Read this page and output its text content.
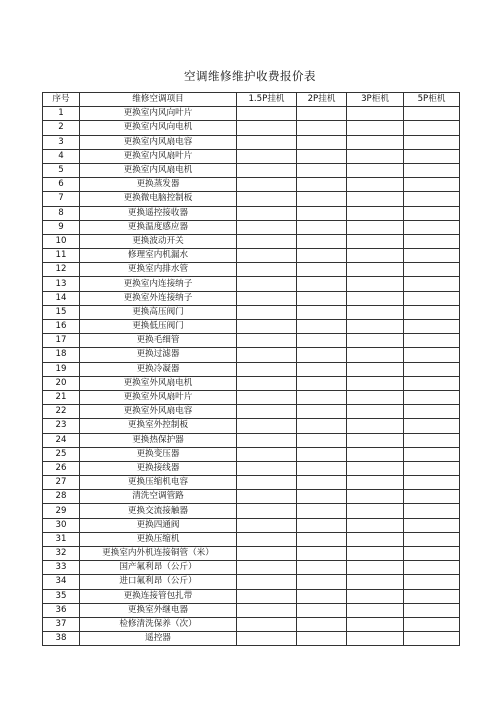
空调维修维护收费报价表
序号	维修空调项目	1.5P挂机	2P挂机	3P柜机	5P柜机
1	更换室内风向叶片				
2	更换室内风向电机				
3	更换室内风扇电容				
4	更换室内风扇叶片				
5	更换室内风扇电机				
6	更换蒸发器				
7	更换微电脑控制板				
8	更换遥控接收器				
9	更换温度感应器				
10	更换波动开关				
11	修理室内机漏水				
12	更换室内排水管				
13	更换室内连接纳子				
14	更换室外连接纳子				
15	更换高压阀门				
16	更换低压阀门				
17	更换毛细管				
18	更换过滤器				
19	更换冷凝器				
20	更换室外风扇电机				
21	更换室外风扇叶片				
22	更换室外风扇电容				
23	更换室外控制板				
24	更换热保护器				
25	更换变压器				
26	更换接线器				
27	更换压缩机电容				
28	清洗空调管路				
29	更换交流接触器				
30	更换四通阀				
31	更换压缩机				
32	更换室内外机连接铜管（米）				
33	国产氟利昂（公斤）				
34	进口氟利昂（公斤）				
35	更换连接管包扎带				
36	更换室外继电器				
37	检修清洗保养（次）				
38	遥控器				
